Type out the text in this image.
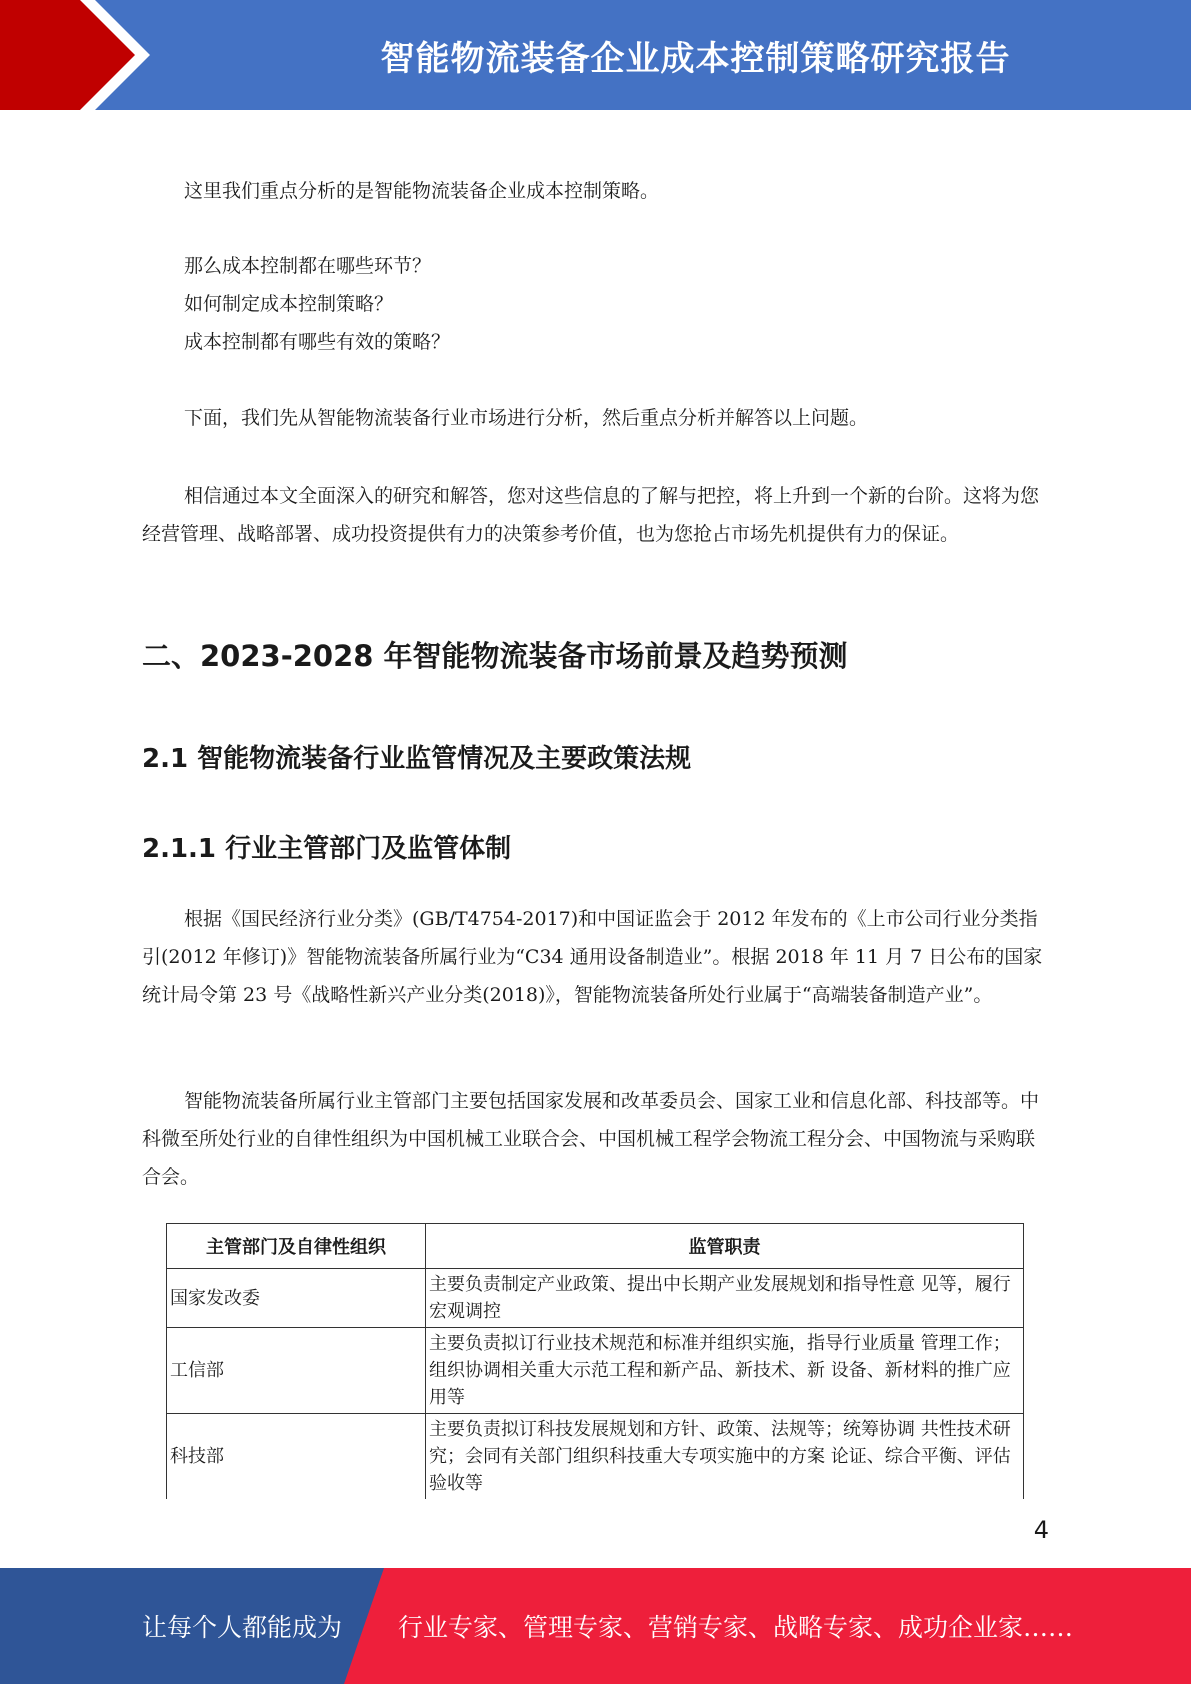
智能物流装备企业成本控制策略研究报告

这里我们重点分析的是智能物流装备企业成本控制策略。

那么成本控制都在哪些环节？
如何制定成本控制策略？
成本控制都有哪些有效的策略？

下面，我们先从智能物流装备行业市场进行分析，然后重点分析并解答以上问题。

相信通过本文全面深入的研究和解答，您对这些信息的了解与把控，将上升到一个新的台阶。这将为您经营管理、战略部署、成功投资提供有力的决策参考价值，也为您抢占市场先机提供有力的保证。

二、2023-2028 年智能物流装备市场前景及趋势预测
2.1 智能物流装备行业监管情况及主要政策法规
2.1.1 行业主管部门及监管体制

根据《国民经济行业分类》(GB/T4754-2017)和中国证监会于 2012 年发布的《上市公司行业分类指引(2012 年修订)》智能物流装备所属行业为“C34 通用设备制造业”。根据 2018 年 11 月 7 日公布的国家统计局令第 23 号《战略性新兴产业分类(2018)》，智能物流装备所处行业属于“高端装备制造产业”。

智能物流装备所属行业主管部门主要包括国家发展和改革委员会、国家工业和信息化部、科技部等。中科微至所处行业的自律性组织为中国机械工业联合会、中国机械工程学会物流工程分会、中国物流与采购联合会。

主管部门及自律性组织	监管职责
国家发改委	主要负责制定产业政策、提出中长期产业发展规划和指导性意 见等，履行宏观调控
工信部	主要负责拟订行业技术规范和标准并组织实施，指导行业质量 管理工作；组织协调相关重大示范工程和新产品、新技术、新 设备、新材料的推广应用等
科技部	主要负责拟订科技发展规划和方针、政策、法规等；统筹协调 共性技术研究；会同有关部门组织科技重大专项实施中的方案 论证、综合平衡、评估验收等
4
让每个人都能成为 行业专家、管理专家、营销专家、战略专家、成功企业家……
